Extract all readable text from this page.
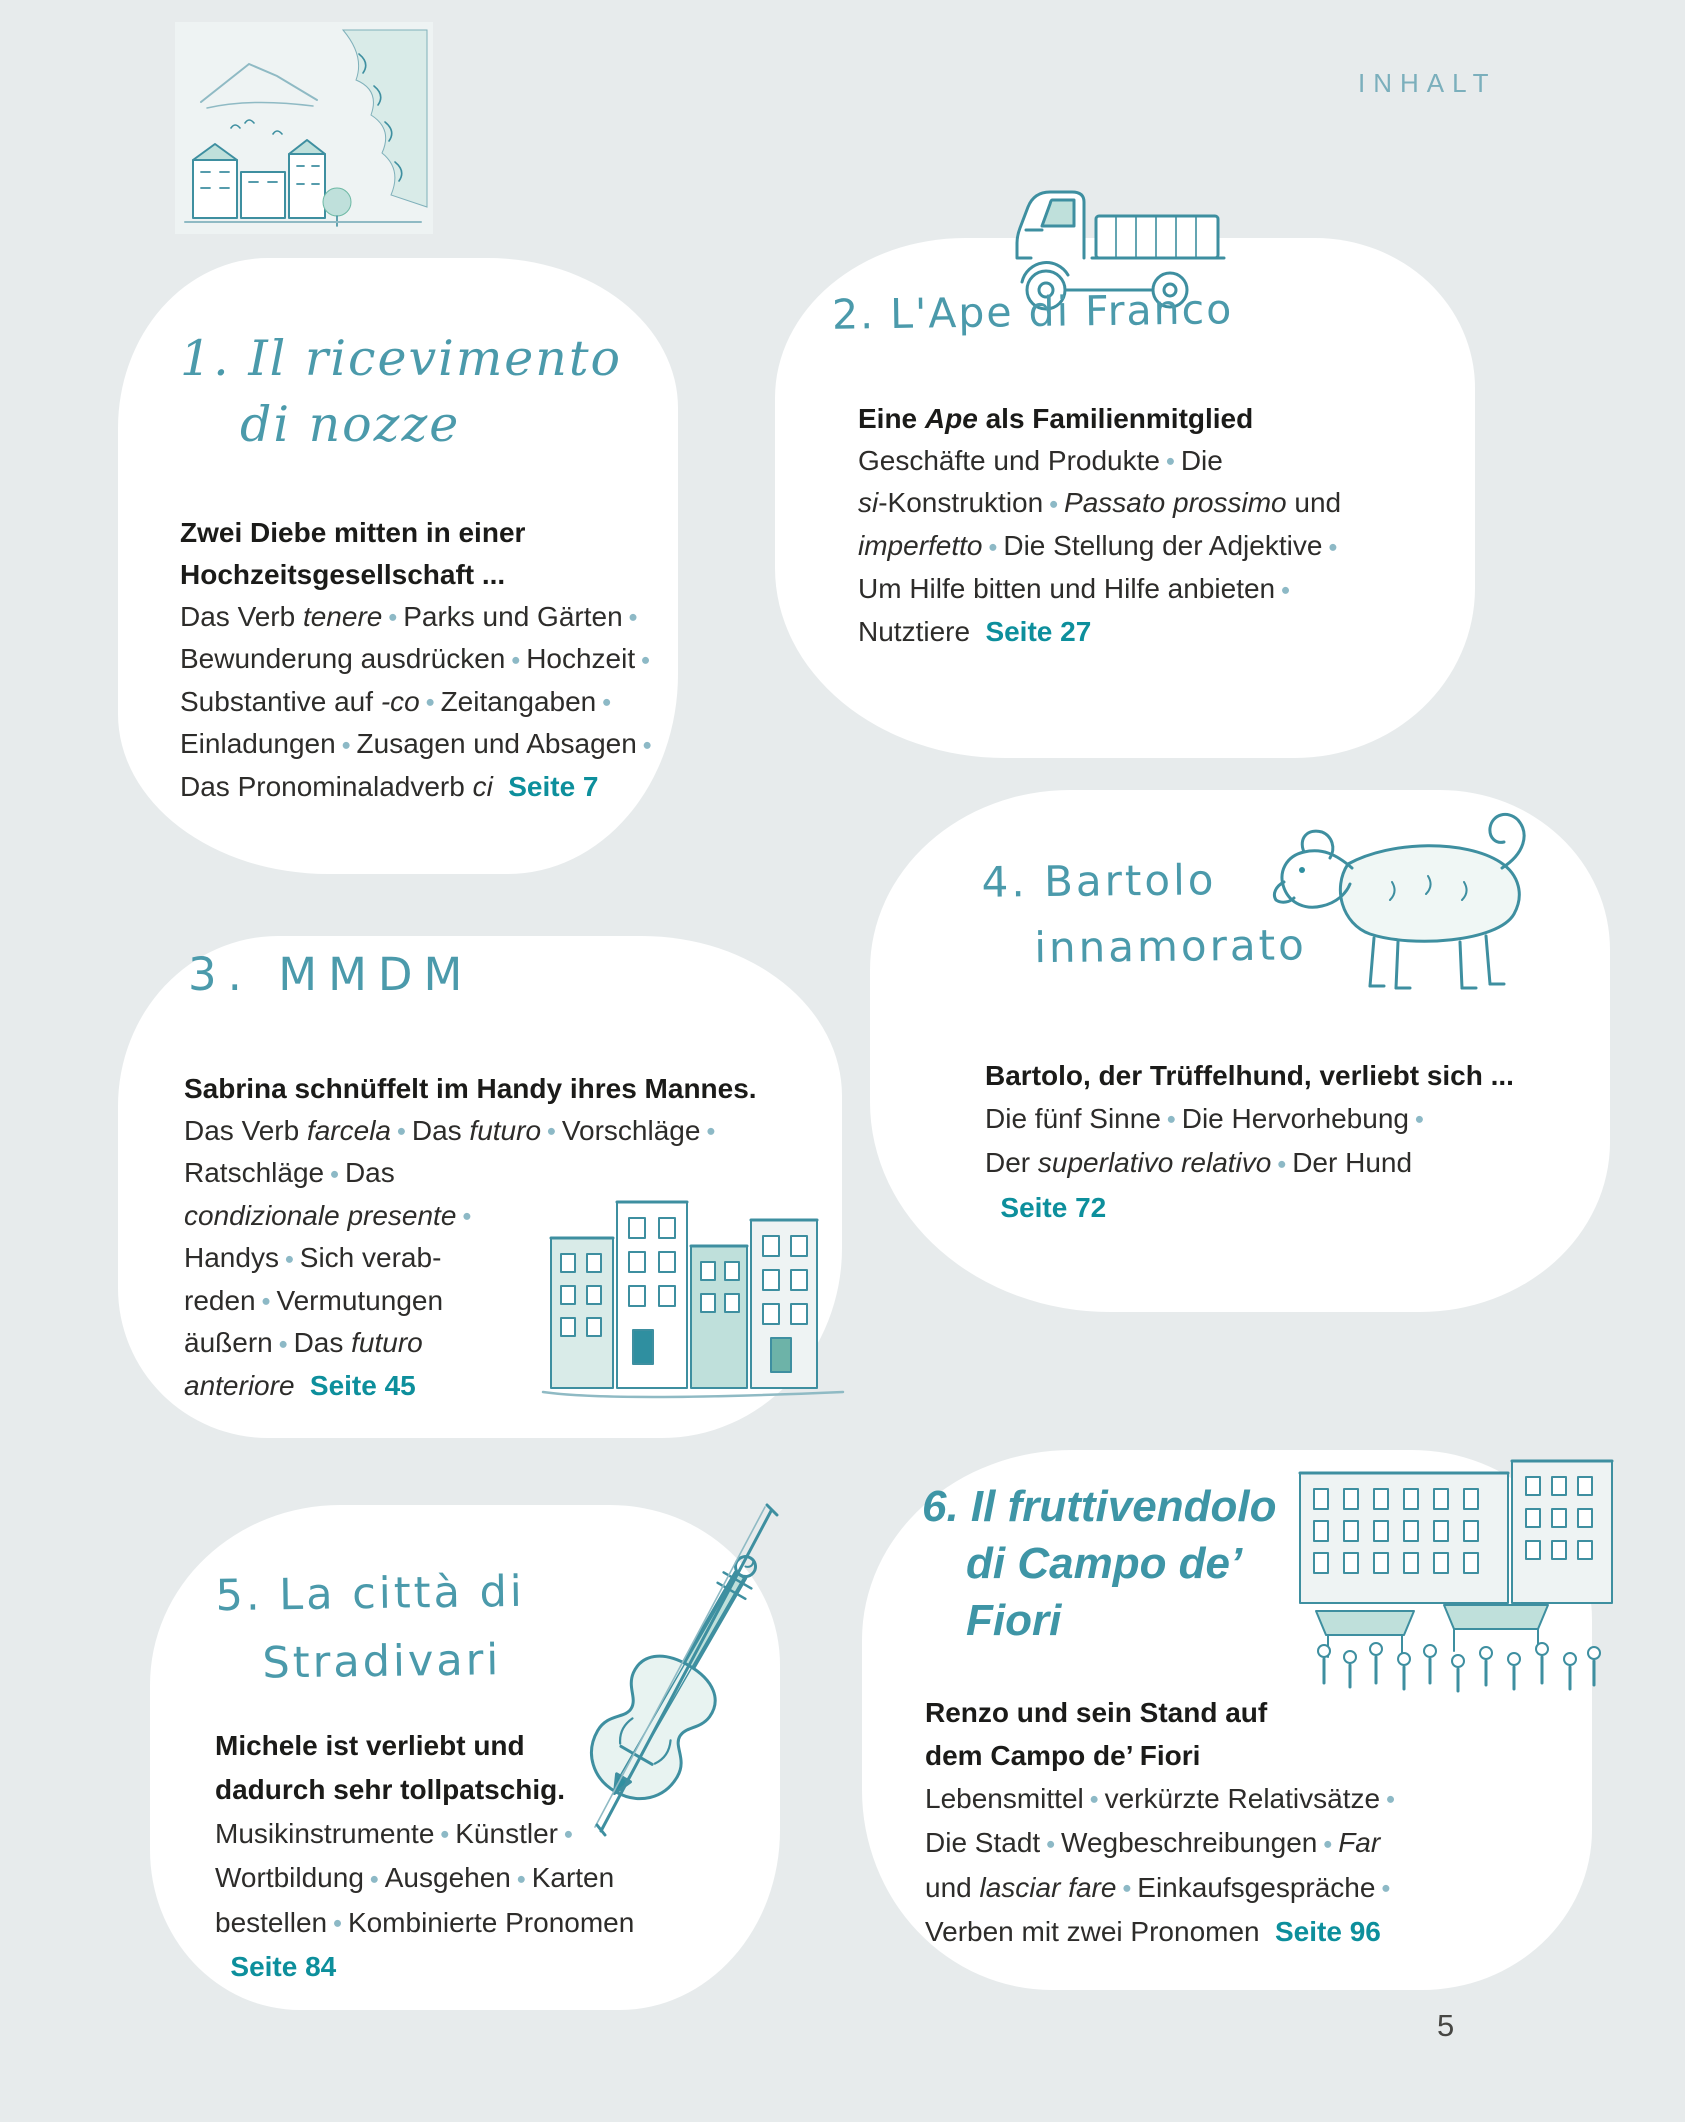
INHALT
1. Il ricevimento
di nozze
2. L'Ape di Franco
3. MMDM
4. Bartolo
innamorato
5. La città di
Stradivari
6. Il fruttivendolo
di Campo de’
Fiori
Zwei Diebe mitten in einer
Hochzeitsgesellschaft ...
Das Verb tenere ● Parks und Gärten ●
Bewunderung ausdrücken ● Hochzeit ●
Substantive auf -co ● Zeitangaben ●
Einladungen ● Zusagen und Absagen ●
Das Pronominaladverb ci Seite 7
Eine Ape als Familienmitglied
Geschäfte und Produkte ● Die
si-Konstruktion ● Passato prossimo und
imperfetto ● Die Stellung der Adjektive ●
Um Hilfe bitten und Hilfe anbieten ●
Nutztiere Seite 27
Sabrina schnüffelt im Handy ihres Mannes.
Das Verb farcela ● Das futuro ● Vorschläge ●
Ratschläge ● Das
condizionale presente ●
Handys ● Sich verab-
reden ● Vermutungen
äußern ● Das futuro
anteriore Seite 45
Bartolo, der Trüffelhund, verliebt sich ...
Die fünf Sinne ● Die Hervorhebung ●
Der superlativo relativo ● Der Hund
Seite 72
Michele ist verliebt und
dadurch sehr tollpatschig.
Musikinstrumente ● Künstler ●
Wortbildung ● Ausgehen ● Karten
bestellen ● Kombinierte Pronomen
Seite 84
Renzo und sein Stand auf
dem Campo de’ Fiori
Lebensmittel ● verkürzte Relativsätze ●
Die Stadt ● Wegbeschreibungen ● Far
und lasciar fare ● Einkaufsgespräche ●
Verben mit zwei Pronomen Seite 96
5
